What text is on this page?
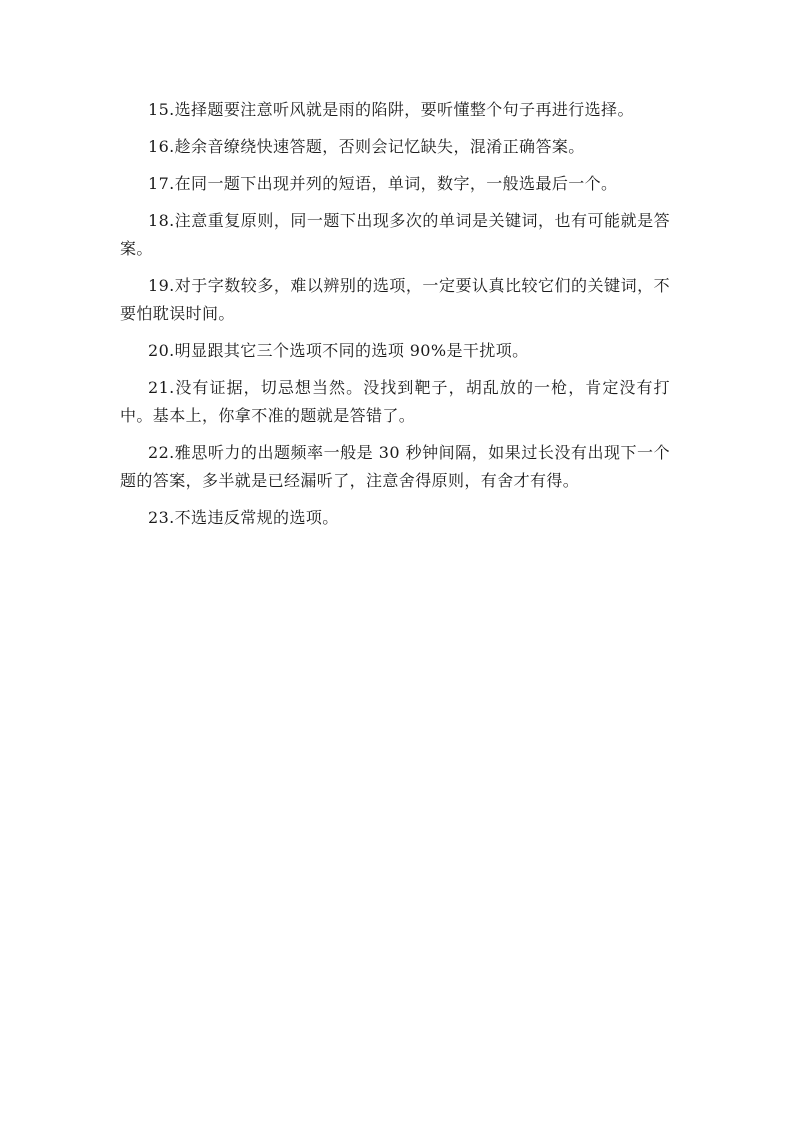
15.选择题要注意听风就是雨的陷阱，要听懂整个句子再进行选择。

16.趁余音缭绕快速答题，否则会记忆缺失，混淆正确答案。

17.在同一题下出现并列的短语，单词，数字，一般选最后一个。

18.注意重复原则，同一题下出现多次的单词是关键词，也有可能就是答案。

19.对于字数较多，难以辨别的选项，一定要认真比较它们的关键词，不要怕耽误时间。

20.明显跟其它三个选项不同的选项 90%是干扰项。

21.没有证据，切忌想当然。没找到靶子，胡乱放的一枪，肯定没有打中。基本上，你拿不准的题就是答错了。

22.雅思听力的出题频率一般是 30 秒钟间隔，如果过长没有出现下一个题的答案，多半就是已经漏听了，注意舍得原则，有舍才有得。

23.不选违反常规的选项。
